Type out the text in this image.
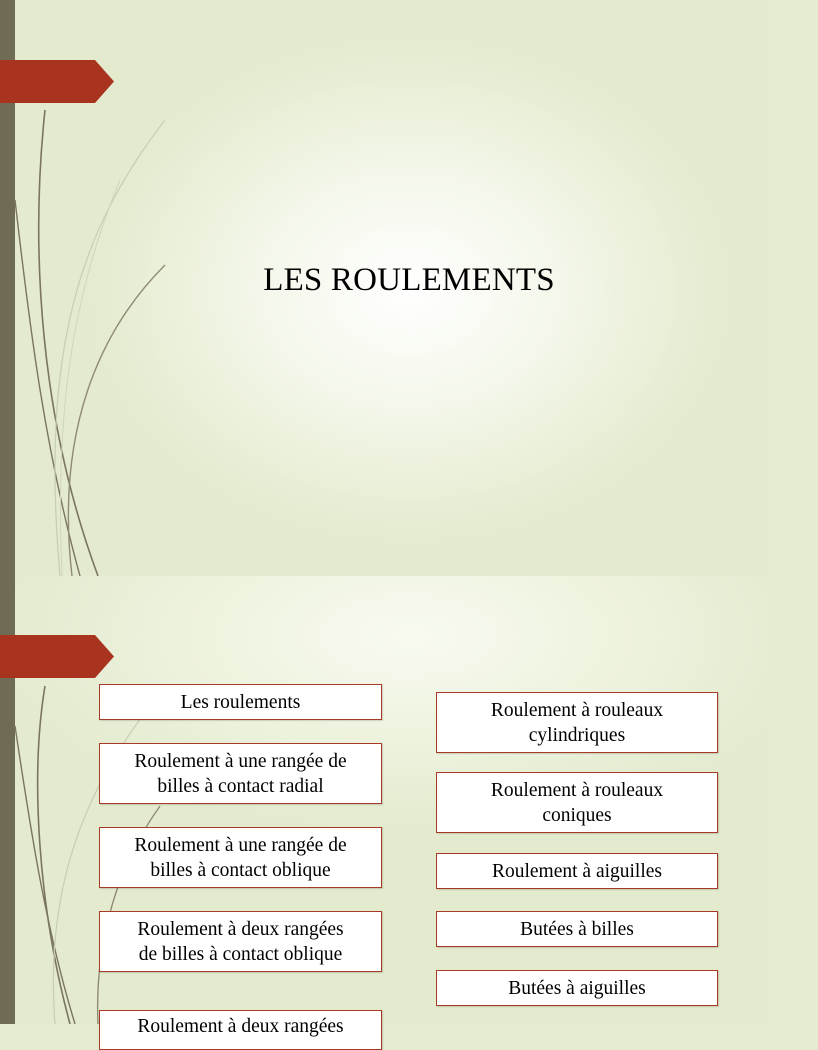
LES ROULEMENTS
Les roulements
Roulement à une rangée de
billes à contact radial
Roulement à une rangée de
billes à contact oblique
Roulement à deux rangées
de billes à contact oblique
Roulement à deux rangées
Roulement à rouleaux
cylindriques
Roulement à rouleaux
coniques
Roulement à aiguilles
Butées à billes
Butées à aiguilles
